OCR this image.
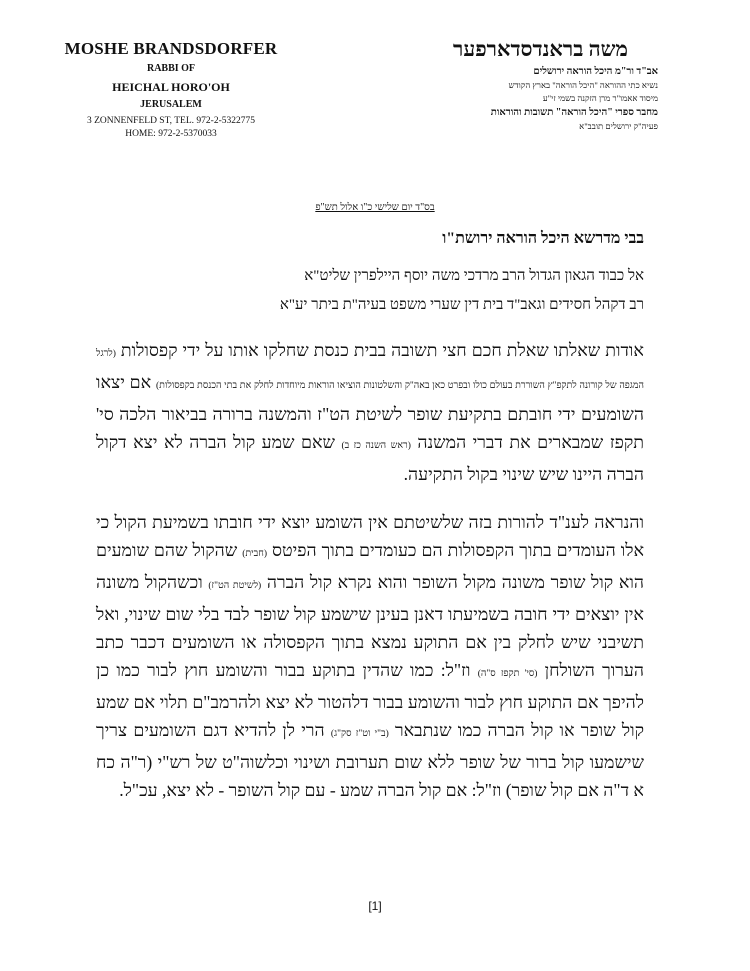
MOSHE BRANDSDORFER
RABBI OF
HEICHAL HORO'OH
JERUSALEM
3 ZONNENFELD ST, TEL. 972-2-5322775
HOME: 972-2-5370033
משה בראנדסדארפער
אב"ד ור"מ היכל הוראה ירושלים
נשיא כתי ההוראה "היכל הוראה" בארץ הקודש
מיסוד אאמו"ר מרן הזקנה בשמי זי"ע
מחבר ספרי "היכל הוראה" תשובות והוראות
פעיה"ק ירושלים תובב"א
בס"ד יום שלישי כ"ו אלול תש"פ

בבי מדרשא היכל הוראה ירושת"ו

אל כבוד הגאון הגדול הרב מרדכי משה יוסף היילפרין שליט"א

רב דקהל חסידים וגאב"ד בית דין שערי משפט בעיה"ת ביתר יע"א

אודות שאלתו שאלת חכם חצי תשובה בבית כנסת שחלקו אותו על ידי קפסולות (לרגל המגפה של קורונה לתקפ"ץ השוררת בעולם כולו ובפרט כאן באה"ק והשלטונות הוציאו הוראות מיוחדות לחלק את בתי הכנסת בקפסולות) אם יצאו השומעים ידי חובתם בתקיעת שופר לשיטת הט"ז והמשנה ברורה בביאור הלכה סי' תקפז שמבארים את דברי המשנה (ראש השנה כז ב) שאם שמע קול הברה לא יצא דקול הברה היינו שיש שינוי בקול התקיעה.

והנראה לענ"ד להורות בזה שלשיטתם אין השומע יוצא ידי חובתו בשמיעת הקול כי אלו העומדים בתוך הקפסולות הם כעומדים בתוך הפיטס (חבית) שהקול שהם שומעים הוא קול שופר משונה מקול השופר והוא נקרא קול הברה (לשיטת הט"ז) וכשהקול משונה אין יוצאים ידי חובה בשמיעתו דאנן בעינן שישמע קול שופר לבד בלי שום שינוי, ואל תשיבני שיש לחלק בין אם התוקע נמצא בתוך הקפסולה או השומעים דכבר כתב הערוך השולחן (סי' תקפז ס"ה) וז"ל: כמו שהדין בתוקע בבור והשומע חוץ לבור כמו כן להיפך אם התוקע חוץ לבור והשומע בבור דלהטור לא יצא ולהרמב"ם תלוי אם שמע קול שופר או קול הברה כמו שנתבאר (ב"י וט"ז סק"ג) הרי לן להדיא דגם השומעים צריך שישמעו קול ברור של שופר ללא שום תערובת ושינוי וכלשוה"ט של רש"י (ר"ה כח א ד"ה אם קול שופר) וז"ל: אם קול הברה שמע - עם קול השופר - לא יצא, עכ"ל.

[1]
